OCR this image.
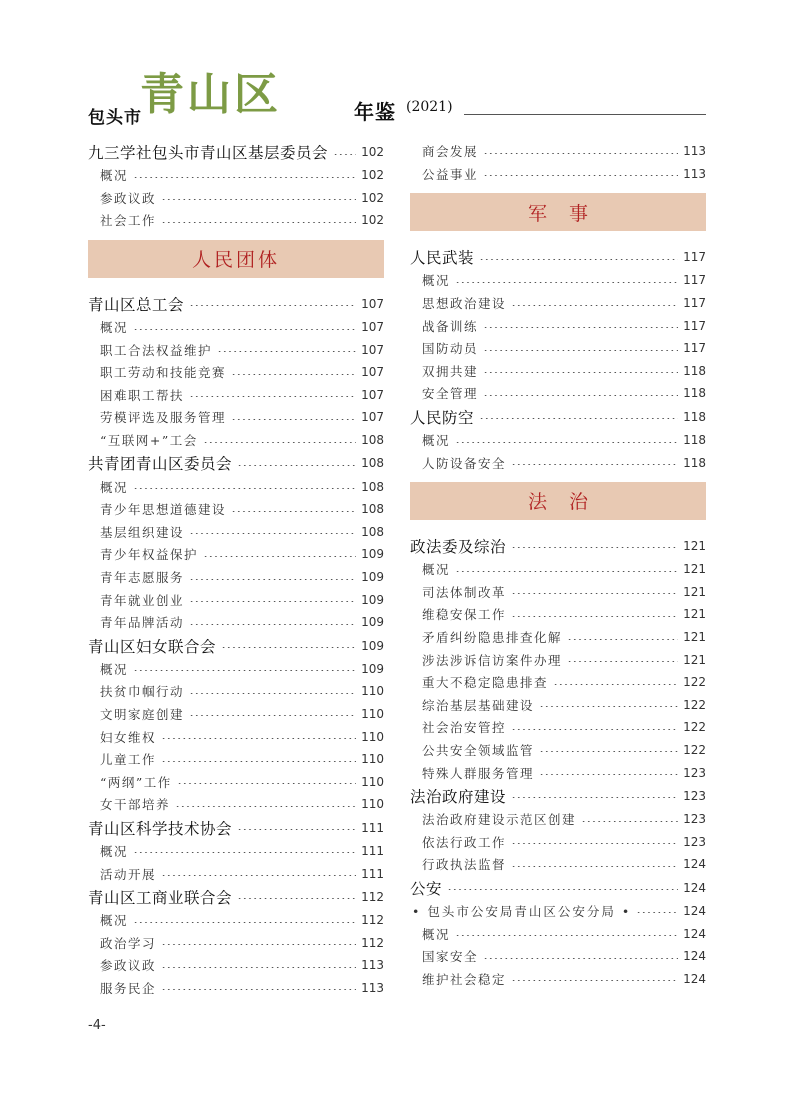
包头市
青山区	年鉴 (2021)
九三学社包头市青山区基层委员会	102
概况	102
参政议政	102
社会工作	102
人民团体
青山区总工会	107
概况	107
职工合法权益维护	107
职工劳动和技能竞赛	107
困难职工帮扶	107
劳模评选及服务管理	107
“互联网+”工会	108
共青团青山区委员会	108
概况	108
青少年思想道德建设	108
基层组织建设	108
青少年权益保护	109
青年志愿服务	109
青年就业创业	109
青年品牌活动	109
青山区妇女联合会	109
概况	109
扶贫巾帼行动	110
文明家庭创建	110
妇女维权	110
儿童工作	110
“两纲”工作	110
女干部培养	110
青山区科学技术协会	111
概况	111
活动开展	111
青山区工商业联合会	112
概况	112
政治学习	112
参政议政	113
服务民企	113
商会发展	113
公益事业	113
军事
人民武装	117
概况	117
思想政治建设	117
战备训练	117
国防动员	117
双拥共建	118
安全管理	118
人民防空	118
概况	118
人防设备安全	118
法治
政法委及综治	121
概况	121
司法体制改革	121
维稳安保工作	121
矛盾纠纷隐患排查化解	121
涉法涉诉信访案件办理	121
重大不稳定隐患排查	122
综治基层基础建设	122
社会治安管控	122
公共安全领域监管	122
特殊人群服务管理	123
法治政府建设	123
法治政府建设示范区创建	123
依法行政工作	123
行政执法监督	124
公安	124
• 包头市公安局青山区公安分局 •	124
概况	124
国家安全	124
维护社会稳定	124
-4-
